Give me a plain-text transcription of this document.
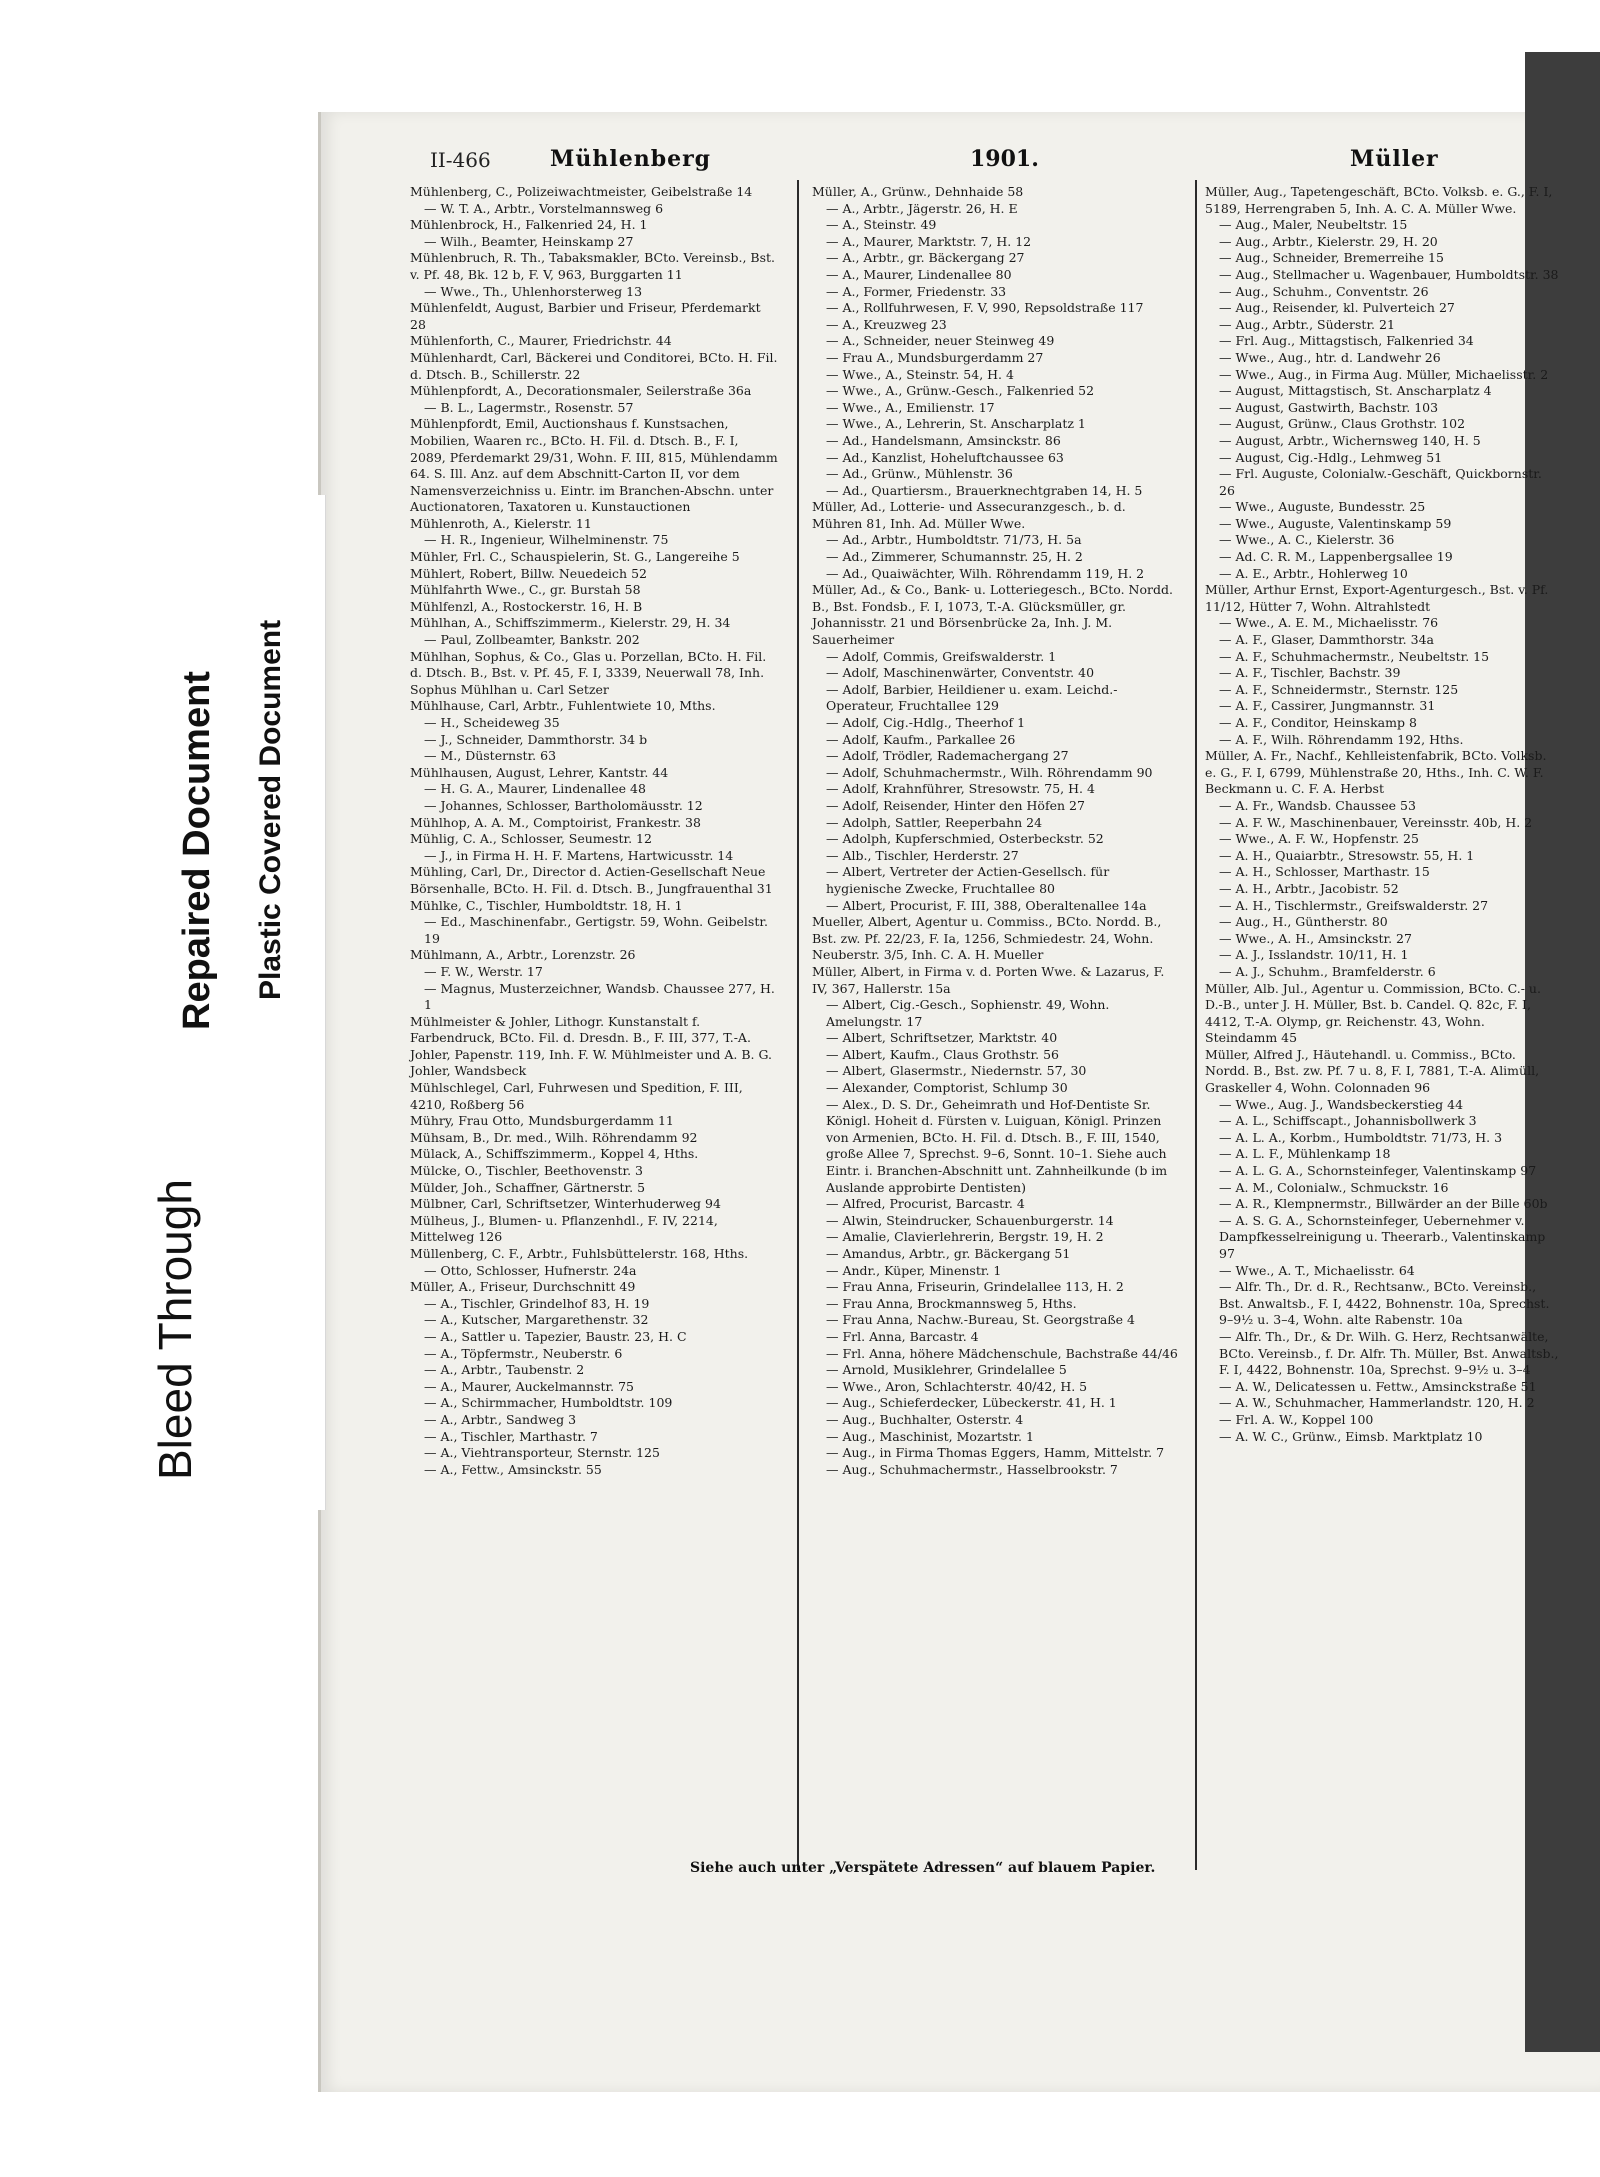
Bleed Through
Repaired Document Plastic Covered Document
II-466	Mühlenberg	1901.	Müller

Mühlenberg, C., Polizeiwachtmeister, Geibelstraße 14

— W. T. A., Arbtr., Vorstelmannsweg 6

Mühlenbrock, H., Falkenried 24, H. 1

— Wilh., Beamter, Heinskamp 27

Mühlenbruch, R. Th., Tabaksmakler, BCto. Vereinsb., Bst. v. Pf. 48, Bk. 12 b, F. V, 963, Burggarten 11

— Wwe., Th., Uhlenhorsterweg 13

Mühlenfeldt, August, Barbier und Friseur, Pferdemarkt 28

Mühlenforth, C., Maurer, Friedrichstr. 44

Mühlenhardt, Carl, Bäckerei und Conditorei, BCto. H. Fil. d. Dtsch. B., Schillerstr. 22

Mühlenpfordt, A., Decorationsmaler, Seilerstraße 36a

— B. L., Lagermstr., Rosenstr. 57

Mühlenpfordt, Emil, Auctionshaus f. Kunstsachen, Mobilien, Waaren rc., BCto. H. Fil. d. Dtsch. B., F. I, 2089, Pferdemarkt 29/31, Wohn. F. III, 815, Mühlendamm 64. S. Ill. Anz. auf dem Abschnitt-Carton II, vor dem Namensverzeichniss u. Eintr. im Branchen-Abschn. unter Auctionatoren, Taxatoren u. Kunstauctionen

Mühlenroth, A., Kielerstr. 11

— H. R., Ingenieur, Wilhelminenstr. 75

Mühler, Frl. C., Schauspielerin, St. G., Langereihe 5

Mühlert, Robert, Billw. Neuedeich 52

Mühlfahrth Wwe., C., gr. Burstah 58

Mühlfenzl, A., Rostockerstr. 16, H. B

Mühlhan, A., Schiffszimmerm., Kielerstr. 29, H. 34

— Paul, Zollbeamter, Bankstr. 202

Mühlhan, Sophus, & Co., Glas u. Porzellan, BCto. H. Fil. d. Dtsch. B., Bst. v. Pf. 45, F. I, 3339, Neuerwall 78, Inh. Sophus Mühlhan u. Carl Setzer

Mühlhause, Carl, Arbtr., Fuhlentwiete 10, Mths.

— H., Scheideweg 35

— J., Schneider, Dammthorstr. 34 b

— M., Düsternstr. 63

Mühlhausen, August, Lehrer, Kantstr. 44

— H. G. A., Maurer, Lindenallee 48

— Johannes, Schlosser, Bartholomäusstr. 12

Mühlhop, A. A. M., Comptoirist, Frankestr. 38

Mühlig, C. A., Schlosser, Seumestr. 12

— J., in Firma H. H. F. Martens, Hartwicusstr. 14

Mühling, Carl, Dr., Director d. Actien-Gesellschaft Neue Börsenhalle, BCto. H. Fil. d. Dtsch. B., Jungfrauenthal 31

Mühlke, C., Tischler, Humboldtstr. 18, H. 1

— Ed., Maschinenfabr., Gertigstr. 59, Wohn. Geibelstr. 19

Mühlmann, A., Arbtr., Lorenzstr. 26

— F. W., Werstr. 17

— Magnus, Musterzeichner, Wandsb. Chaussee 277, H. 1

Mühlmeister & Johler, Lithogr. Kunstanstalt f. Farbendruck, BCto. Fil. d. Dresdn. B., F. III, 377, T.-A. Johler, Papenstr. 119, Inh. F. W. Mühlmeister und A. B. G. Johler, Wandsbeck

Mühlschlegel, Carl, Fuhrwesen und Spedition, F. III, 4210, Roßberg 56

Mühry, Frau Otto, Mundsburgerdamm 11

Mühsam, B., Dr. med., Wilh. Röhrendamm 92

Mülack, A., Schiffszimmerm., Koppel 4, Hths.

Mülcke, O., Tischler, Beethovenstr. 3

Mülder, Joh., Schaffner, Gärtnerstr. 5

Mülbner, Carl, Schriftsetzer, Winterhuderweg 94

Mülheus, J., Blumen- u. Pflanzenhdl., F. IV, 2214, Mittelweg 126

Müllenberg, C. F., Arbtr., Fuhlsbüttelerstr. 168, Hths.

— Otto, Schlosser, Hufnerstr. 24a

Müller, A., Friseur, Durchschnitt 49

— A., Tischler, Grindelhof 83, H. 19

— A., Kutscher, Margarethenstr. 32

— A., Sattler u. Tapezier, Baustr. 23, H. C

— A., Töpfermstr., Neuberstr. 6

— A., Arbtr., Taubenstr. 2

— A., Maurer, Auckelmannstr. 75

— A., Schirmmacher, Humboldtstr. 109

— A., Arbtr., Sandweg 3

— A., Tischler, Marthastr. 7

— A., Viehtransporteur, Sternstr. 125

— A., Fettw., Amsinckstr. 55

Müller, A., Grünw., Dehnhaide 58

— A., Arbtr., Jägerstr. 26, H. E

— A., Steinstr. 49

— A., Maurer, Marktstr. 7, H. 12

— A., Arbtr., gr. Bäckergang 27

— A., Maurer, Lindenallee 80

— A., Former, Friedenstr. 33

— A., Rollfuhrwesen, F. V, 990, Repsoldstraße 117

— A., Kreuzweg 23

— A., Schneider, neuer Steinweg 49

— Frau A., Mundsburgerdamm 27

— Wwe., A., Steinstr. 54, H. 4

— Wwe., A., Grünw.-Gesch., Falkenried 52

— Wwe., A., Emilienstr. 17

— Wwe., A., Lehrerin, St. Anscharplatz 1

— Ad., Handelsmann, Amsinckstr. 86

— Ad., Kanzlist, Hoheluftchaussee 63

— Ad., Grünw., Mühlenstr. 36

— Ad., Quartiersm., Brauerknechtgraben 14, H. 5

Müller, Ad., Lotterie- und Assecuranzgesch., b. d. Mühren 81, Inh. Ad. Müller Wwe.

— Ad., Arbtr., Humboldtstr. 71/73, H. 5a

— Ad., Zimmerer, Schumannstr. 25, H. 2

— Ad., Quaiwächter, Wilh. Röhrendamm 119, H. 2

Müller, Ad., & Co., Bank- u. Lotteriegesch., BCto. Nordd. B., Bst. Fondsb., F. I, 1073, T.-A. Glücksmüller, gr. Johannisstr. 21 und Börsenbrücke 2a, Inh. J. M. Sauerheimer

— Adolf, Commis, Greifswalderstr. 1

— Adolf, Maschinenwärter, Conventstr. 40

— Adolf, Barbier, Heildiener u. exam. Leichd.-Operateur, Fruchtallee 129

— Adolf, Cig.-Hdlg., Theerhof 1

— Adolf, Kaufm., Parkallee 26

— Adolf, Trödler, Rademachergang 27

— Adolf, Schuhmachermstr., Wilh. Röhrendamm 90

— Adolf, Krahnführer, Stresowstr. 75, H. 4

— Adolf, Reisender, Hinter den Höfen 27

— Adolph, Sattler, Reeperbahn 24

— Adolph, Kupferschmied, Osterbeckstr. 52

— Alb., Tischler, Herderstr. 27

— Albert, Vertreter der Actien-Gesellsch. für hygienische Zwecke, Fruchtallee 80

— Albert, Procurist, F. III, 388, Oberaltenallee 14a

Mueller, Albert, Agentur u. Commiss., BCto. Nordd. B., Bst. zw. Pf. 22/23, F. Ia, 1256, Schmiedestr. 24, Wohn. Neuberstr. 3/5, Inh. C. A. H. Mueller

Müller, Albert, in Firma v. d. Porten Wwe. & Lazarus, F. IV, 367, Hallerstr. 15a

— Albert, Cig.-Gesch., Sophienstr. 49, Wohn. Amelungstr. 17

— Albert, Schriftsetzer, Marktstr. 40

— Albert, Kaufm., Claus Grothstr. 56

— Albert, Glasermstr., Niedernstr. 57, 30

— Alexander, Comptorist, Schlump 30

— Alex., D. S. Dr., Geheimrath und Hof-Dentiste Sr. Königl. Hoheit d. Fürsten v. Luiguan, Königl. Prinzen von Armenien, BCto. H. Fil. d. Dtsch. B., F. III, 1540, große Allee 7, Sprechst. 9–6, Sonnt. 10–1. Siehe auch Eintr. i. Branchen-Abschnitt unt. Zahnheilkunde (b im Auslande approbirte Dentisten)

— Alfred, Procurist, Barcastr. 4

— Alwin, Steindrucker, Schauenburgerstr. 14

— Amalie, Clavierlehrerin, Bergstr. 19, H. 2

— Amandus, Arbtr., gr. Bäckergang 51

— Andr., Küper, Minenstr. 1

— Frau Anna, Friseurin, Grindelallee 113, H. 2

— Frau Anna, Brockmannsweg 5, Hths.

— Frau Anna, Nachw.-Bureau, St. Georgstraße 4

— Frl. Anna, Barcastr. 4

— Frl. Anna, höhere Mädchenschule, Bachstraße 44/46

— Arnold, Musiklehrer, Grindelallee 5

— Wwe., Aron, Schlachterstr. 40/42, H. 5

— Aug., Schieferdecker, Lübeckerstr. 41, H. 1

— Aug., Buchhalter, Osterstr. 4

— Aug., Maschinist, Mozartstr. 1

— Aug., in Firma Thomas Eggers, Hamm, Mittelstr. 7

— Aug., Schuhmachermstr., Hasselbrookstr. 7

Müller, Aug., Tapetengeschäft, BCto. Volksb. e. G., F. I, 5189, Herrengraben 5, Inh. A. C. A. Müller Wwe.

— Aug., Maler, Neubeltstr. 15

— Aug., Arbtr., Kielerstr. 29, H. 20

— Aug., Schneider, Bremerreihe 15

— Aug., Stellmacher u. Wagenbauer, Humboldtstr. 38

— Aug., Schuhm., Conventstr. 26

— Aug., Reisender, kl. Pulverteich 27

— Aug., Arbtr., Süderstr. 21

— Frl. Aug., Mittagstisch, Falkenried 34

— Wwe., Aug., htr. d. Landwehr 26

— Wwe., Aug., in Firma Aug. Müller, Michaelisstr. 2

— August, Mittagstisch, St. Anscharplatz 4

— August, Gastwirth, Bachstr. 103

— August, Grünw., Claus Grothstr. 102

— August, Arbtr., Wichernsweg 140, H. 5

— August, Cig.-Hdlg., Lehmweg 51

— Frl. Auguste, Colonialw.-Geschäft, Quickbornstr. 26

— Wwe., Auguste, Bundesstr. 25

— Wwe., Auguste, Valentinskamp 59

— Wwe., A. C., Kielerstr. 36

— Ad. C. R. M., Lappenbergsallee 19

— A. E., Arbtr., Hohlerweg 10

Müller, Arthur Ernst, Export-Agenturgesch., Bst. v. Pf. 11/12, Hütter 7, Wohn. Altrahlstedt

— Wwe., A. E. M., Michaelisstr. 76

— A. F., Glaser, Dammthorstr. 34a

— A. F., Schuhmachermstr., Neubeltstr. 15

— A. F., Tischler, Bachstr. 39

— A. F., Schneidermstr., Sternstr. 125

— A. F., Cassirer, Jungmannstr. 31

— A. F., Conditor, Heinskamp 8

— A. F., Wilh. Röhrendamm 192, Hths.

Müller, A. Fr., Nachf., Kehlleistenfabrik, BCto. Volksb. e. G., F. I, 6799, Mühlenstraße 20, Hths., Inh. C. W. F. Beckmann u. C. F. A. Herbst

— A. Fr., Wandsb. Chaussee 53

— A. F. W., Maschinenbauer, Vereinsstr. 40b, H. 2

— Wwe., A. F. W., Hopfenstr. 25

— A. H., Quaiarbtr., Stresowstr. 55, H. 1

— A. H., Schlosser, Marthastr. 15

— A. H., Arbtr., Jacobistr. 52

— A. H., Tischlermstr., Greifswalderstr. 27

— Aug., H., Güntherstr. 80

— Wwe., A. H., Amsinckstr. 27

— A. J., Isslandstr. 10/11, H. 1

— A. J., Schuhm., Bramfelderstr. 6

Müller, Alb. Jul., Agentur u. Commission, BCto. C.- u. D.-B., unter J. H. Müller, Bst. b. Candel. Q. 82c, F. I, 4412, T.-A. Olymp, gr. Reichenstr. 43, Wohn. Steindamm 45

Müller, Alfred J., Häutehandl. u. Commiss., BCto. Nordd. B., Bst. zw. Pf. 7 u. 8, F. I, 7881, T.-A. Alimüll, Graskeller 4, Wohn. Colonnaden 96

— Wwe., Aug. J., Wandsbeckerstieg 44

— A. L., Schiffscapt., Johannisbollwerk 3

— A. L. A., Korbm., Humboldtstr. 71/73, H. 3

— A. L. F., Mühlenkamp 18

— A. L. G. A., Schornsteinfeger, Valentinskamp 97

— A. M., Colonialw., Schmuckstr. 16

— A. R., Klempnermstr., Billwärder an der Bille 60b

— A. S. G. A., Schornsteinfeger, Uebernehmer v. Dampfkesselreinigung u. Theerarb., Valentinskamp 97

— Wwe., A. T., Michaelisstr. 64

— Alfr. Th., Dr. d. R., Rechtsanw., BCto. Vereinsb., Bst. Anwaltsb., F. I, 4422, Bohnenstr. 10a, Sprechst. 9–9½ u. 3–4, Wohn. alte Rabenstr. 10a

— Alfr. Th., Dr., & Dr. Wilh. G. Herz, Rechtsanwälte, BCto. Vereinsb., f. Dr. Alfr. Th. Müller, Bst. Anwaltsb., F. I, 4422, Bohnenstr. 10a, Sprechst. 9–9½ u. 3–4

— A. W., Delicatessen u. Fettw., Amsinckstraße 51

— A. W., Schuhmacher, Hammerlandstr. 120, H. 2

— Frl. A. W., Koppel 100

— A. W. C., Grünw., Eimsb. Marktplatz 10

Siehe auch unter „Verspätete Adressen“ auf blauem Papier.
